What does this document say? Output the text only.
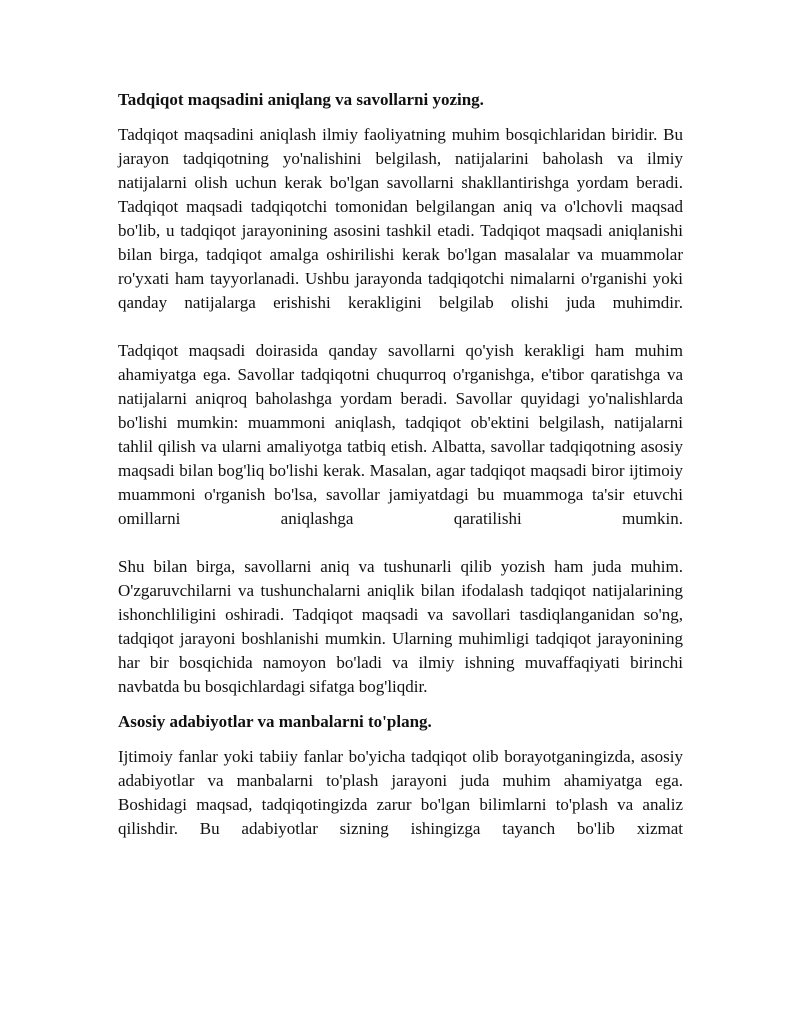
Tadqiqot maqsadini aniqlang va savollarni yozing.

Tadqiqot maqsadini aniqlash ilmiy faoliyatning muhim bosqichlaridan biridir. Bu jarayon tadqiqotning yo'nalishini belgilash, natijalarini baholash va ilmiy natijalarni olish uchun kerak bo'lgan savollarni shakllantirishga yordam beradi. Tadqiqot maqsadi tadqiqotchi tomonidan belgilangan aniq va o'lchovli maqsad bo'lib, u tadqiqot jarayonining asosini tashkil etadi. Tadqiqot maqsadi aniqlanishi bilan birga, tadqiqot amalga oshirilishi kerak bo'lgan masalalar va muammolar ro'yxati ham tayyorlanadi. Ushbu jarayonda tadqiqotchi nimalarni o'rganishi yoki qanday natijalarga erishishi kerakligini belgilab olishi juda muhimdir.

Tadqiqot maqsadi doirasida qanday savollarni qo'yish kerakligi ham muhim ahamiyatga ega. Savollar tadqiqotni chuqurroq o'rganishga, e'tibor qaratishga va natijalarni aniqroq baholashga yordam beradi. Savollar quyidagi yo'nalishlarda bo'lishi mumkin: muammoni aniqlash, tadqiqot ob'ektini belgilash, natijalarni tahlil qilish va ularni amaliyotga tatbiq etish. Albatta, savollar tadqiqotning asosiy maqsadi bilan bog'liq bo'lishi kerak. Masalan, agar tadqiqot maqsadi biror ijtimoiy muammoni o'rganish bo'lsa, savollar jamiyatdagi bu muammoga ta'sir etuvchi omillarni aniqlashga qaratilishi mumkin.

Shu bilan birga, savollarni aniq va tushunarli qilib yozish ham juda muhim. O'zgaruvchilarni va tushunchalarni aniqlik bilan ifodalash tadqiqot natijalarining ishonchliligini oshiradi. Tadqiqot maqsadi va savollari tasdiqlanganidan so'ng, tadqiqot jarayoni boshlanishi mumkin. Ularning muhimligi tadqiqot jarayonining har bir bosqichida namoyon bo'ladi va ilmiy ishning muvaffaqiyati birinchi navbatda bu bosqichlardagi sifatga bog'liqdir.

Asosiy adabiyotlar va manbalarni to'plang.

Ijtimoiy fanlar yoki tabiiy fanlar bo'yicha tadqiqot olib borayotganingizda, asosiy adabiyotlar va manbalarni to'plash jarayoni juda muhim ahamiyatga ega. Boshidagi maqsad, tadqiqotingizda zarur bo'lgan bilimlarni to'plash va analiz qilishdir. Bu adabiyotlar sizning ishingizga tayanch bo'lib xizmat
